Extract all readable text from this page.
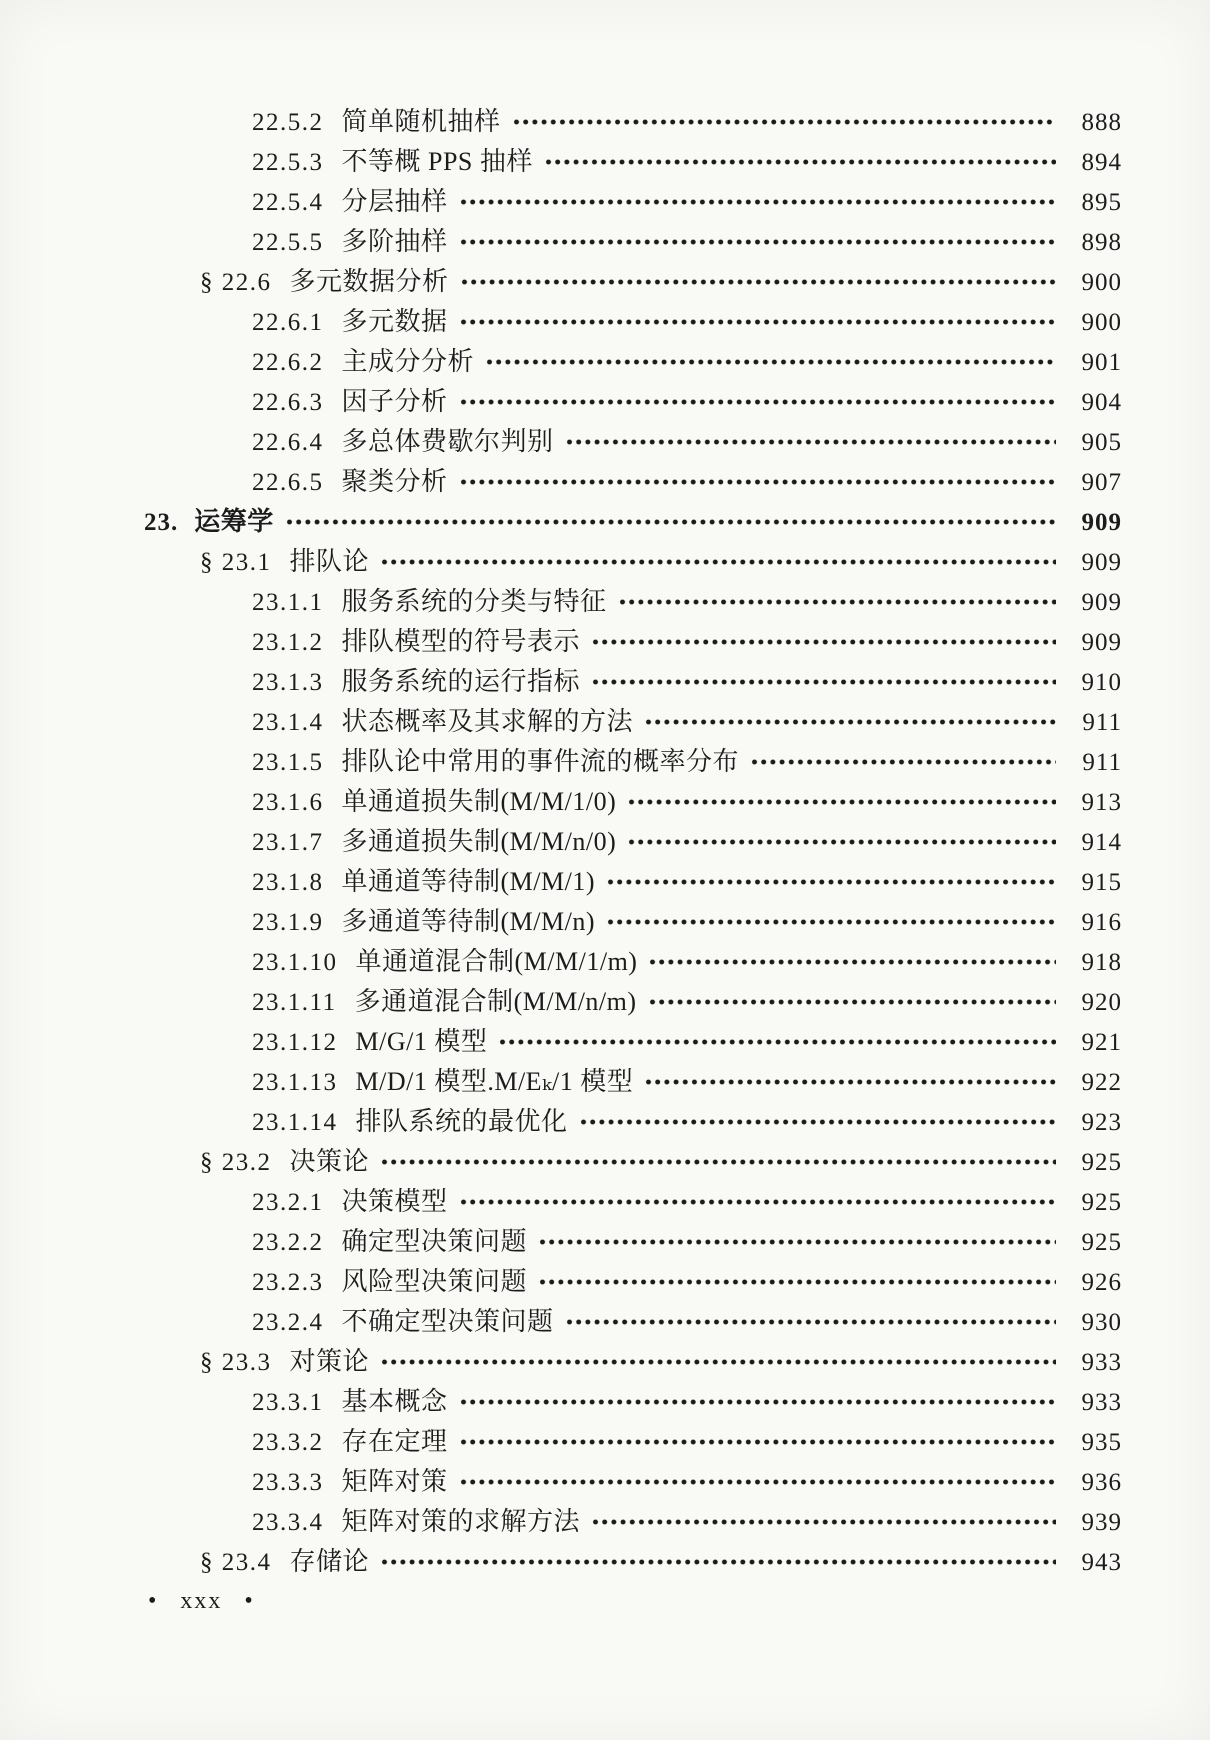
22.5.2 简单随机抽样	888
22.5.3 不等概 PPS 抽样	894
22.5.4 分层抽样	895
22.5.5 多阶抽样	898
§ 22.6 多元数据分析	900
22.6.1 多元数据	900
22.6.2 主成分分析	901
22.6.3 因子分析	904
22.6.4 多总体费歇尔判别	905
22.6.5 聚类分析	907
23. 运筹学	909
§ 23.1 排队论	909
23.1.1 服务系统的分类与特征	909
23.1.2 排队模型的符号表示	909
23.1.3 服务系统的运行指标	910
23.1.4 状态概率及其求解的方法	911
23.1.5 排队论中常用的事件流的概率分布	911
23.1.6 单通道损失制(M/M/1/0)	913
23.1.7 多通道损失制(M/M/n/0)	914
23.1.8 单通道等待制(M/M/1)	915
23.1.9 多通道等待制(M/M/n)	916
23.1.10 单通道混合制(M/M/1/m)	918
23.1.11 多通道混合制(M/M/n/m)	920
23.1.12 M/G/1 模型	921
23.1.13 M/D/1 模型.M/Eₖ/1 模型	922
23.1.14 排队系统的最优化	923
§ 23.2 决策论	925
23.2.1 决策模型	925
23.2.2 确定型决策问题	925
23.2.3 风险型决策问题	926
23.2.4 不确定型决策问题	930
§ 23.3 对策论	933
23.3.1 基本概念	933
23.3.2 存在定理	935
23.3.3 矩阵对策	936
23.3.4 矩阵对策的求解方法	939
§ 23.4 存储论	943
• xxx •
